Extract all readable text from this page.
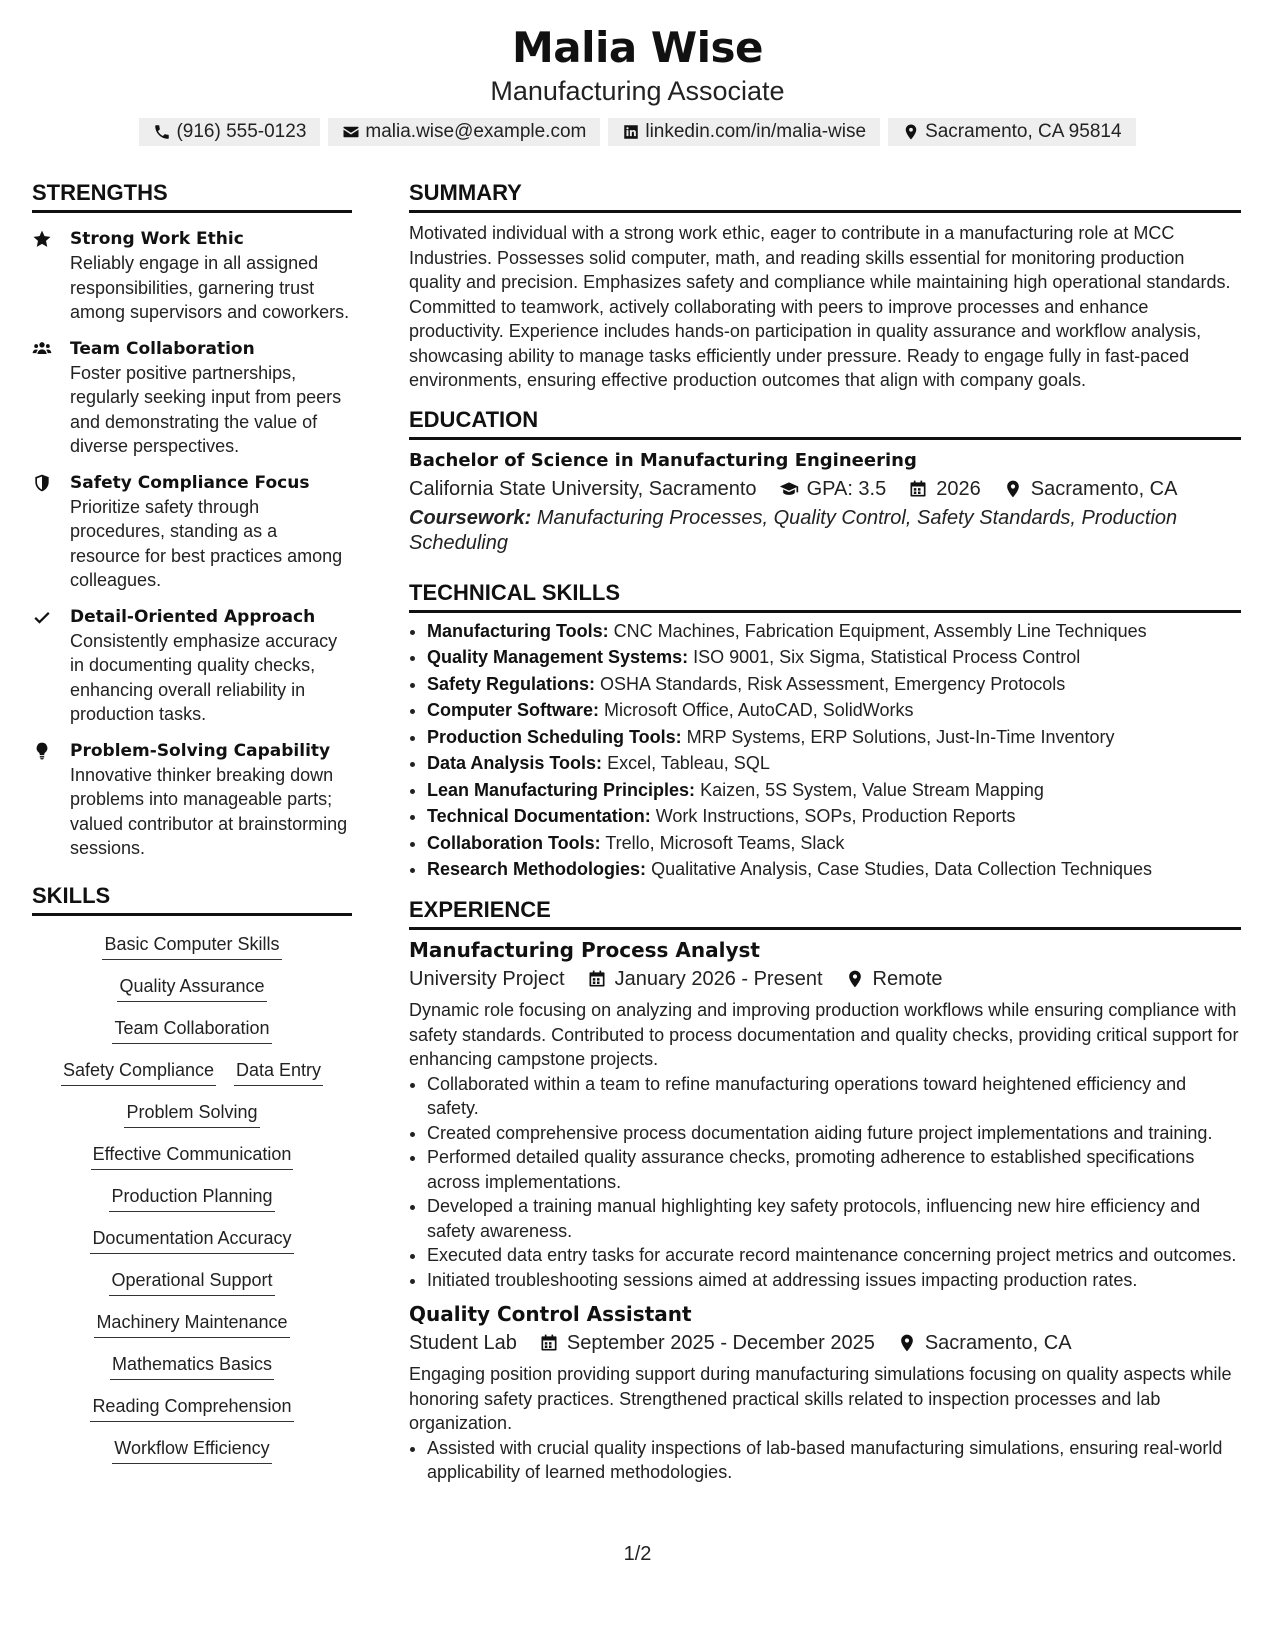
Malia Wise
Manufacturing Associate
(916) 555-0123	malia.wise@example.com	linkedin.com/in/malia-wise	Sacramento, CA 95814
STRENGTHS
Strong Work Ethic
Reliably engage in all assigned responsibilities, garnering trust among supervisors and coworkers.
Team Collaboration
Foster positive partnerships, regularly seeking input from peers and demonstrating the value of diverse perspectives.
Safety Compliance Focus
Prioritize safety through procedures, standing as a resource for best practices among colleagues.
Detail-Oriented Approach
Consistently emphasize accuracy in documenting quality checks, enhancing overall reliability in production tasks.
Problem-Solving Capability
Innovative thinker breaking down problems into manageable parts; valued contributor at brainstorming sessions.
SKILLS
Basic Computer Skills
Quality Assurance
Team Collaboration
Safety Compliance Data Entry
Problem Solving
Effective Communication
Production Planning
Documentation Accuracy
Operational Support
Machinery Maintenance
Mathematics Basics
Reading Comprehension
Workflow Efficiency
SUMMARY
Motivated individual with a strong work ethic, eager to contribute in a manufacturing role at MCC Industries. Possesses solid computer, math, and reading skills essential for monitoring production quality and precision. Emphasizes safety and compliance while maintaining high operational standards. Committed to teamwork, actively collaborating with peers to improve processes and enhance productivity. Experience includes hands-on participation in quality assurance and workflow analysis, showcasing ability to manage tasks efficiently under pressure. Ready to engage fully in fast-paced environments, ensuring effective production outcomes that align with company goals.
EDUCATION
Bachelor of Science in Manufacturing Engineering
California State University, Sacramento	GPA: 3.5	2026	Sacramento, CA
Coursework: Manufacturing Processes, Quality Control, Safety Standards, Production Scheduling
TECHNICAL SKILLS
• Manufacturing Tools: CNC Machines, Fabrication Equipment, Assembly Line Techniques
• Quality Management Systems: ISO 9001, Six Sigma, Statistical Process Control
• Safety Regulations: OSHA Standards, Risk Assessment, Emergency Protocols
• Computer Software: Microsoft Office, AutoCAD, SolidWorks
• Production Scheduling Tools: MRP Systems, ERP Solutions, Just-In-Time Inventory
• Data Analysis Tools: Excel, Tableau, SQL
• Lean Manufacturing Principles: Kaizen, 5S System, Value Stream Mapping
• Technical Documentation: Work Instructions, SOPs, Production Reports
• Collaboration Tools: Trello, Microsoft Teams, Slack
• Research Methodologies: Qualitative Analysis, Case Studies, Data Collection Techniques
EXPERIENCE
Manufacturing Process Analyst
University Project	January 2026 - Present	Remote
Dynamic role focusing on analyzing and improving production workflows while ensuring compliance with safety standards. Contributed to process documentation and quality checks, providing critical support for enhancing campstone projects.
• Collaborated within a team to refine manufacturing operations toward heightened efficiency and safety.
• Created comprehensive process documentation aiding future project implementations and training.
• Performed detailed quality assurance checks, promoting adherence to established specifications across implementations.
• Developed a training manual highlighting key safety protocols, influencing new hire efficiency and safety awareness.
• Executed data entry tasks for accurate record maintenance concerning project metrics and outcomes.
• Initiated troubleshooting sessions aimed at addressing issues impacting production rates.
Quality Control Assistant
Student Lab	September 2025 - December 2025	Sacramento, CA
Engaging position providing support during manufacturing simulations focusing on quality aspects while honoring safety practices. Strengthened practical skills related to inspection processes and lab organization.
• Assisted with crucial quality inspections of lab-based manufacturing simulations, ensuring real-world applicability of learned methodologies.
1/2
